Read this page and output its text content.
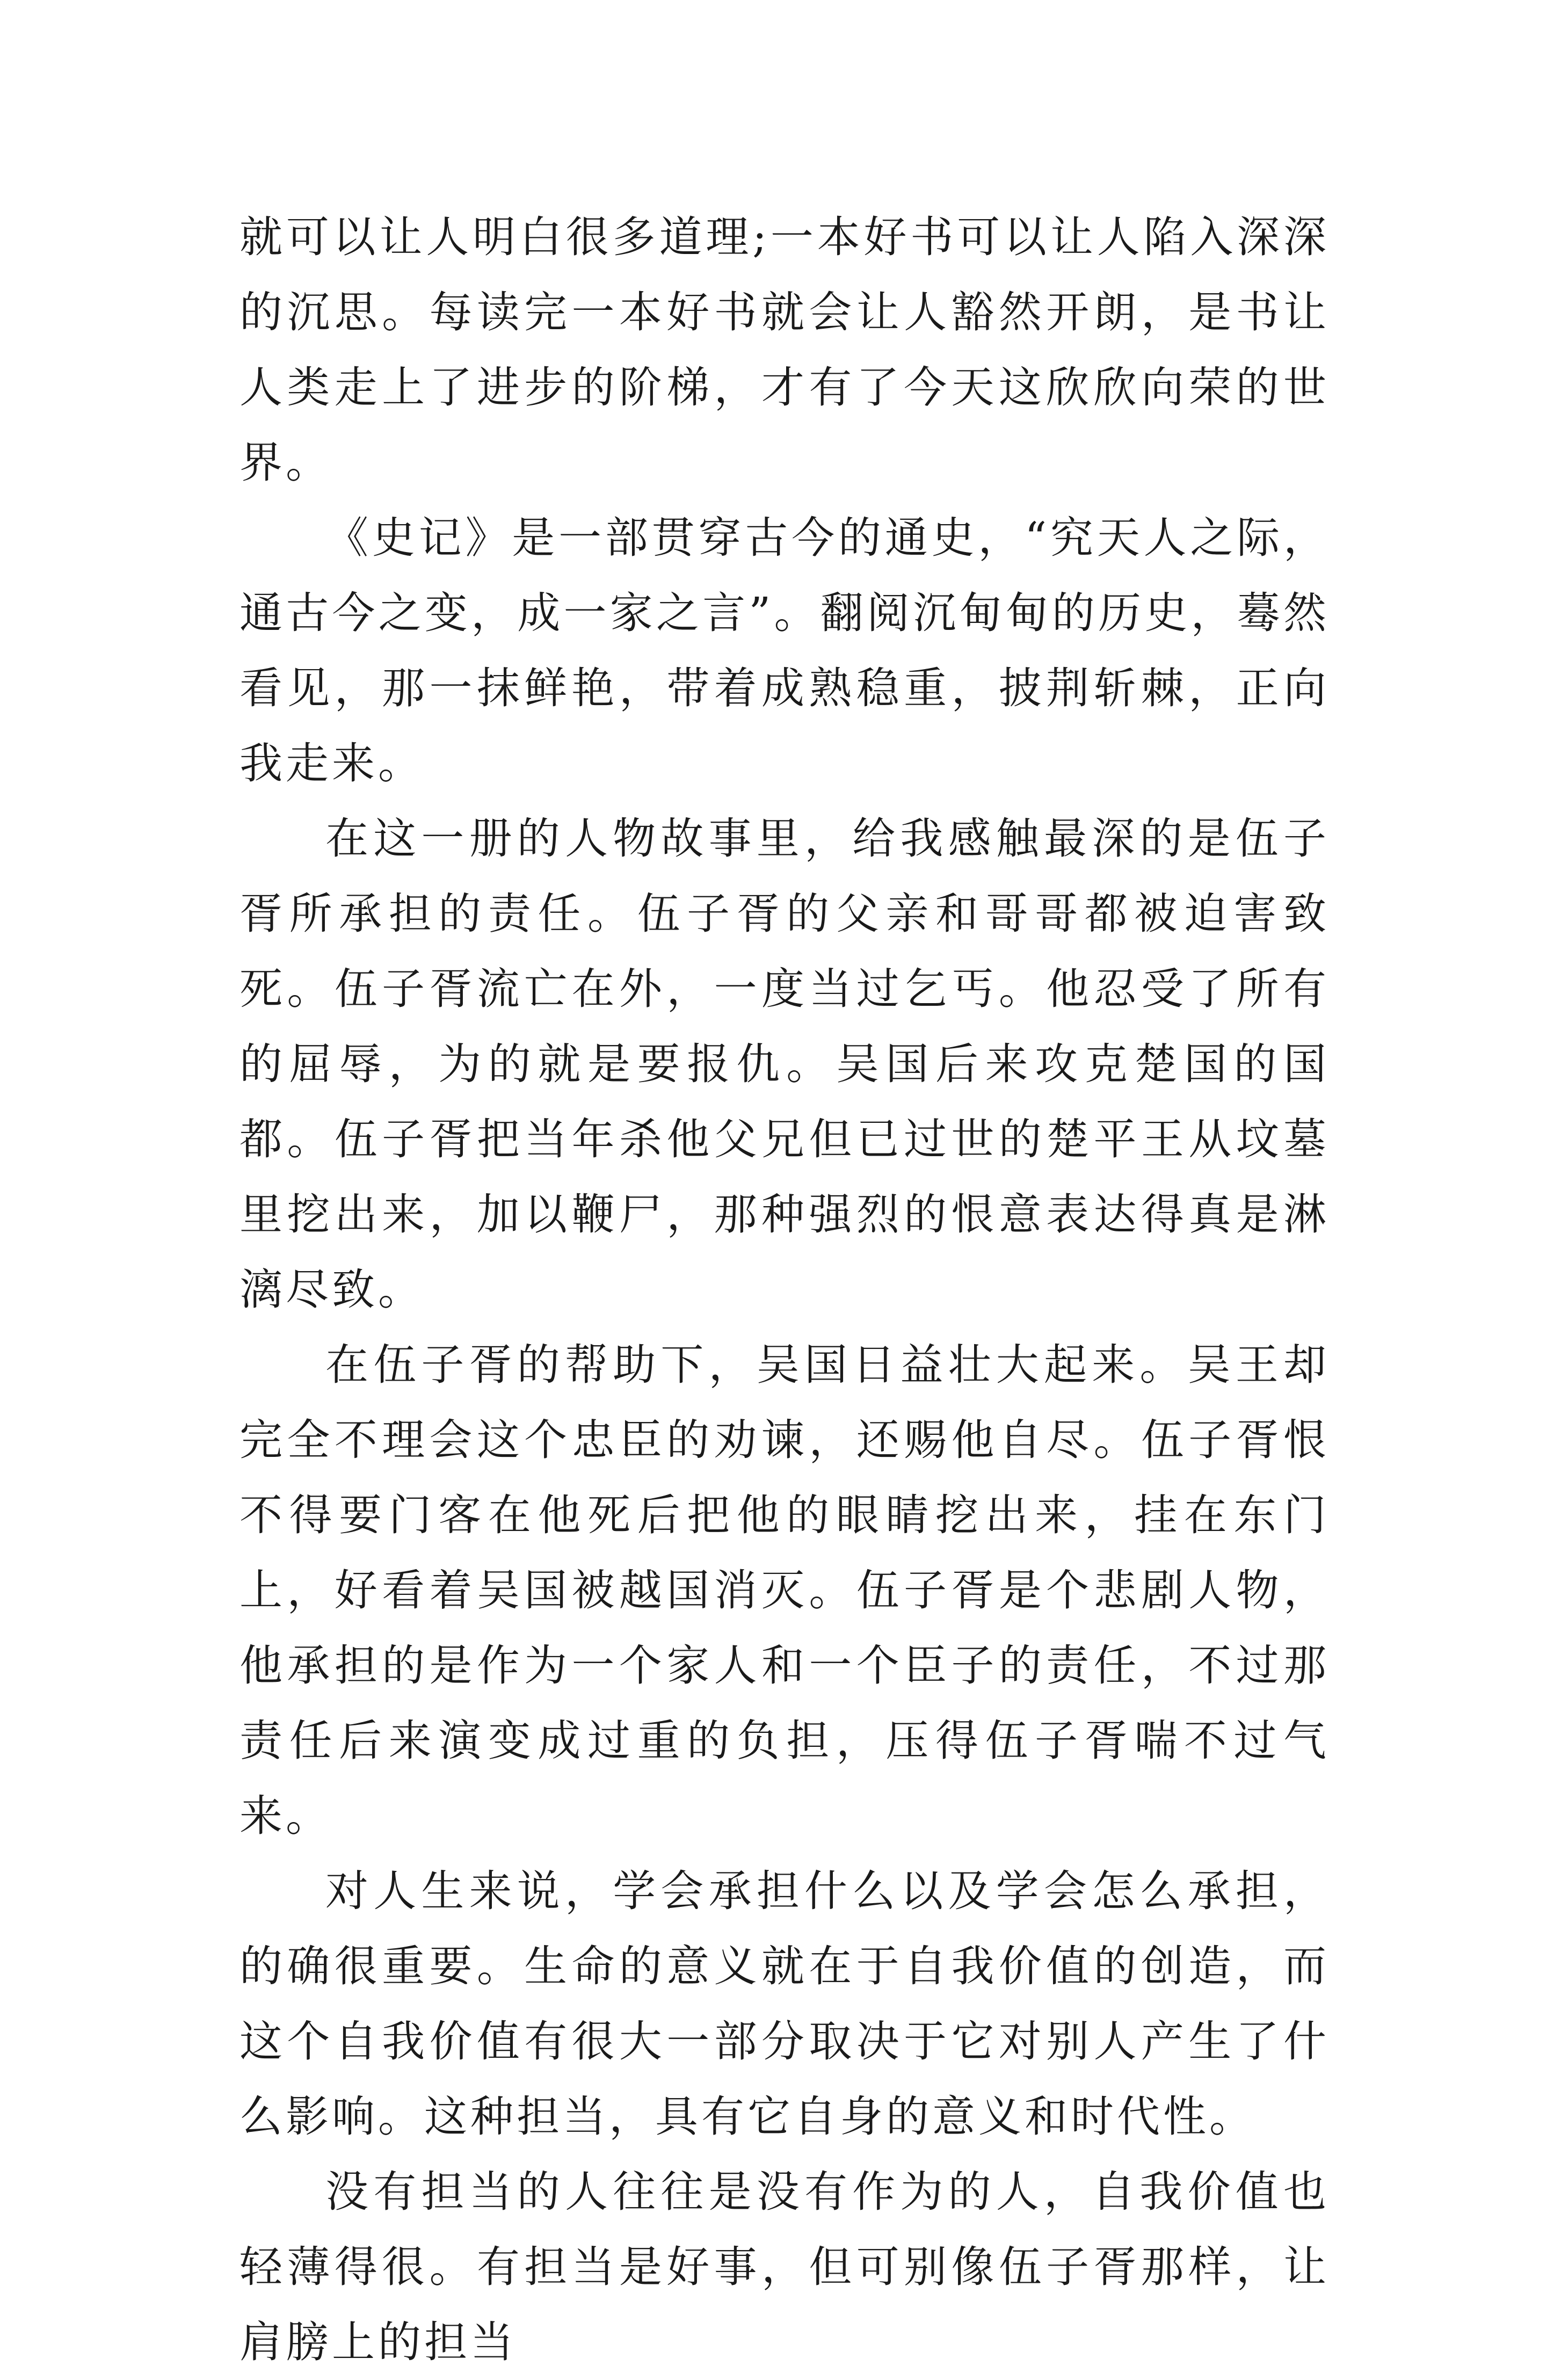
就可以让人明白很多道理;一本好书可以让人陷入深深的沉思。每读完一本好书就会让人豁然开朗，是书让人类走上了进步的阶梯，才有了今天这欣欣向荣的世界。

《史记》是一部贯穿古今的通史，“究天人之际，通古今之变，成一家之言”。翻阅沉甸甸的历史，蓦然看见，那一抹鲜艳，带着成熟稳重，披荆斩棘，正向我走来。

在这一册的人物故事里，给我感触最深的是伍子胥所承担的责任。伍子胥的父亲和哥哥都被迫害致死。伍子胥流亡在外，一度当过乞丐。他忍受了所有的屈辱，为的就是要报仇。吴国后来攻克楚国的国都。伍子胥把当年杀他父兄但已过世的楚平王从坟墓里挖出来，加以鞭尸，那种强烈的恨意表达得真是淋漓尽致。

在伍子胥的帮助下，吴国日益壮大起来。吴王却完全不理会这个忠臣的劝谏，还赐他自尽。伍子胥恨不得要门客在他死后把他的眼睛挖出来，挂在东门上，好看着吴国被越国消灭。伍子胥是个悲剧人物，他承担的是作为一个家人和一个臣子的责任，不过那责任后来演变成过重的负担，压得伍子胥喘不过气来。

对人生来说，学会承担什么以及学会怎么承担，的确很重要。生命的意义就在于自我价值的创造，而这个自我价值有很大一部分取决于它对别人产生了什么影响。这种担当，具有它自身的意义和时代性。

没有担当的人往往是没有作为的人，自我价值也轻薄得很。有担当是好事，但可别像伍子胥那样，让肩膀上的担当
